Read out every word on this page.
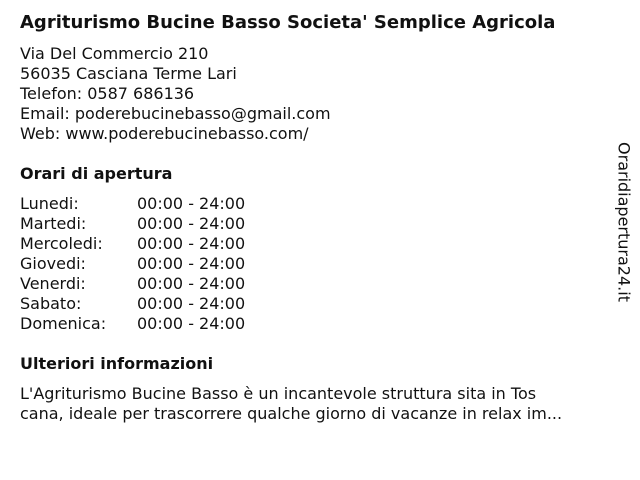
Agriturismo Bucine Basso Societa' Semplice Agricola
Via Del Commercio 210
56035 Casciana Terme Lari
Telefon: 0587 686136
Email: poderebucinebasso@gmail.com
Web: www.poderebucinebasso.com/
Orari di apertura
Lunedi:	00:00 - 24:00
Martedi:	00:00 - 24:00
Mercoledi:	00:00 - 24:00
Giovedi:	00:00 - 24:00
Venerdi:	00:00 - 24:00
Sabato:	00:00 - 24:00
Domenica:	00:00 - 24:00
Ulteriori informazioni
L'Agriturismo Bucine Basso è un incantevole struttura sita in Tos
cana, ideale per trascorrere qualche giorno di vacanze in relax im...
Oraridiapertura24.it
